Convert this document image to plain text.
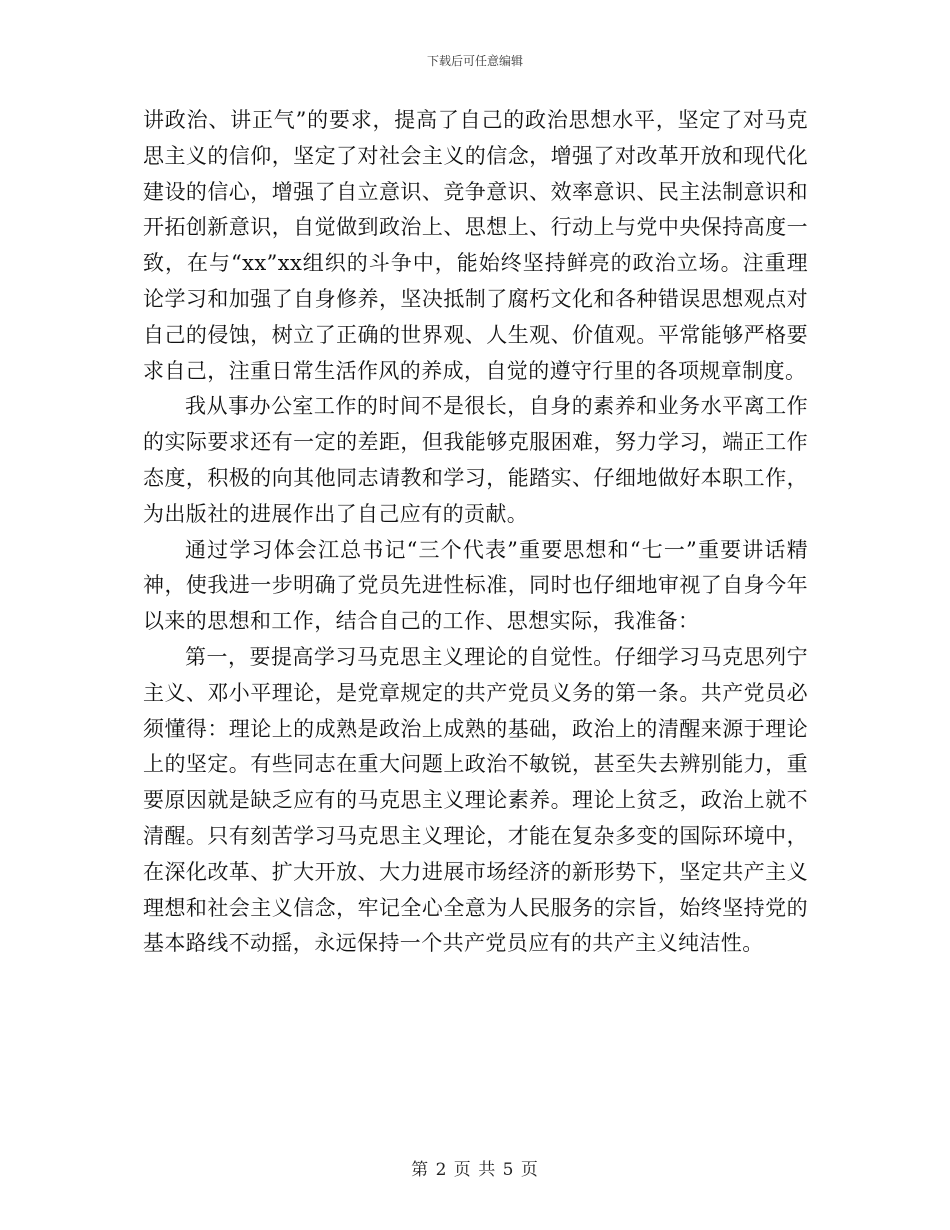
下载后可任意编辑

讲政治、讲正气”的要求，提高了自己的政治思想水平，坚定了对马克思主义的信仰，坚定了对社会主义的信念，增强了对改革开放和现代化建设的信心，增强了自立意识、竞争意识、效率意识、民主法制意识和开拓创新意识，自觉做到政治上、思想上、行动上与党中央保持高度一致，在与“xx”xx组织的斗争中，能始终坚持鲜亮的政治立场。注重理论学习和加强了自身修养，坚决抵制了腐朽文化和各种错误思想观点对自己的侵蚀，树立了正确的世界观、人生观、价值观。平常能够严格要求自己，注重日常生活作风的养成，自觉的遵守行里的各项规章制度。

我从事办公室工作的时间不是很长，自身的素养和业务水平离工作的实际要求还有一定的差距，但我能够克服困难，努力学习，端正工作态度，积极的向其他同志请教和学习，能踏实、仔细地做好本职工作，为出版社的进展作出了自己应有的贡献。

通过学习体会江总书记“三个代表”重要思想和“七一”重要讲话精神，使我进一步明确了党员先进性标准，同时也仔细地审视了自身今年以来的思想和工作，结合自己的工作、思想实际，我准备：

第一，要提高学习马克思主义理论的自觉性。仔细学习马克思列宁主义、邓小平理论，是党章规定的共产党员义务的第一条。共产党员必须懂得：理论上的成熟是政治上成熟的基础，政治上的清醒来源于理论上的坚定。有些同志在重大问题上政治不敏锐，甚至失去辨别能力，重要原因就是缺乏应有的马克思主义理论素养。理论上贫乏，政治上就不清醒。只有刻苦学习马克思主义理论，才能在复杂多变的国际环境中，在深化改革、扩大开放、大力进展市场经济的新形势下，坚定共产主义理想和社会主义信念，牢记全心全意为人民服务的宗旨，始终坚持党的基本路线不动摇，永远保持一个共产党员应有的共产主义纯洁性。

第 2 页 共 5 页
